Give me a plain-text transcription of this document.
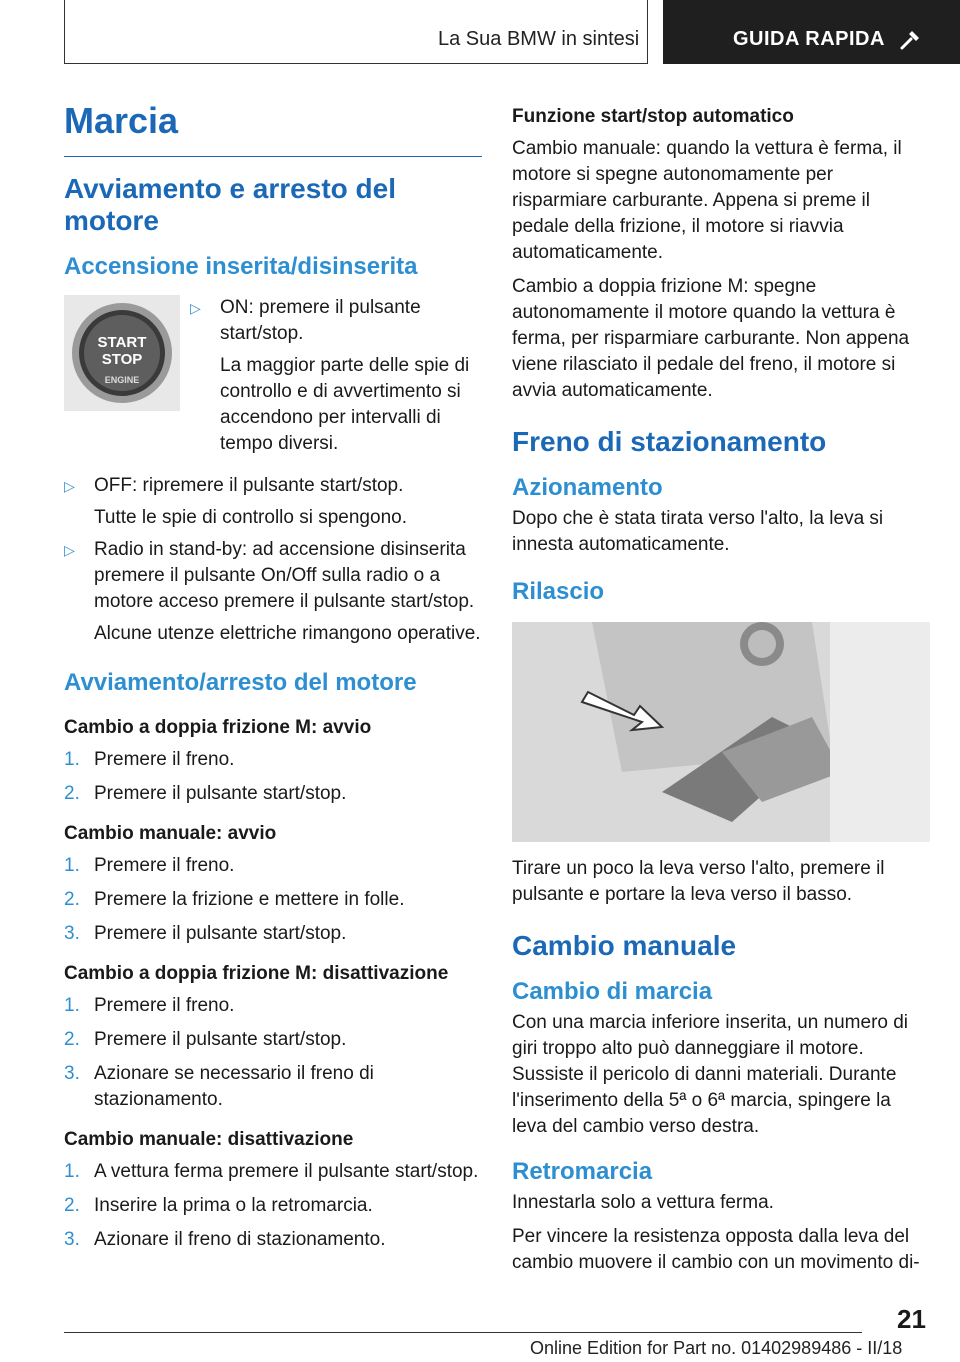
La Sua BMW in sintesi	GUIDA RAPIDA
Marcia
Avviamento e arresto del motore
Accensione inserita/disinserita
START
STOP
ENGINE
▷ ON: premere il pulsante start/stop.

La maggior parte delle spie di controllo e di avvertimento si accendono per intervalli di tempo diversi.

▷ OFF: ripremere il pulsante start/stop.

Tutte le spie di controllo si spengono.

▷ Radio in stand-by: ad accensione disinserita premere il pulsante On/Off sulla radio o a motore acceso premere il pulsante start/stop.

Alcune utenze elettriche rimangono operative.

Avviamento/arresto del motore
Cambio a doppia frizione M: avvio
1. Premere il freno.
2. Premere il pulsante start/stop.
Cambio manuale: avvio
1. Premere il freno.
2. Premere la frizione e mettere in folle.
3. Premere il pulsante start/stop.
Cambio a doppia frizione M: disattivazione
1. Premere il freno.
2. Premere il pulsante start/stop.
3. Azionare se necessario il freno di stazionamento.
Cambio manuale: disattivazione
1. A vettura ferma premere il pulsante start/stop.
2. Inserire la prima o la retromarcia.
3. Azionare il freno di stazionamento.
Funzione start/stop automatico

Cambio manuale: quando la vettura è ferma, il motore si spegne autonomamente per risparmiare carburante. Appena si preme il pedale della frizione, il motore si riavvia automaticamente.

Cambio a doppia frizione M: spegne autonomamente il motore quando la vettura è ferma, per risparmiare carburante. Non appena viene rilasciato il pedale del freno, il motore si avvia automaticamente.

Freno di stazionamento
Azionamento

Dopo che è stata tirata verso l'alto, la leva si innesta automaticamente.

Rilascio

Tirare un poco la leva verso l'alto, premere il pulsante e portare la leva verso il basso.

Cambio manuale
Cambio di marcia

Con una marcia inferiore inserita, un numero di giri troppo alto può danneggiare il motore. Sussiste il pericolo di danni materiali. Durante l'inserimento della 5ª o 6ª marcia, spingere la leva del cambio verso destra.

Retromarcia

Innestarla solo a vettura ferma.

Per vincere la resistenza opposta dalla leva del cambio muovere il cambio con un movimento di-

21
Online Edition for Part no. 01402989486 - II/18
